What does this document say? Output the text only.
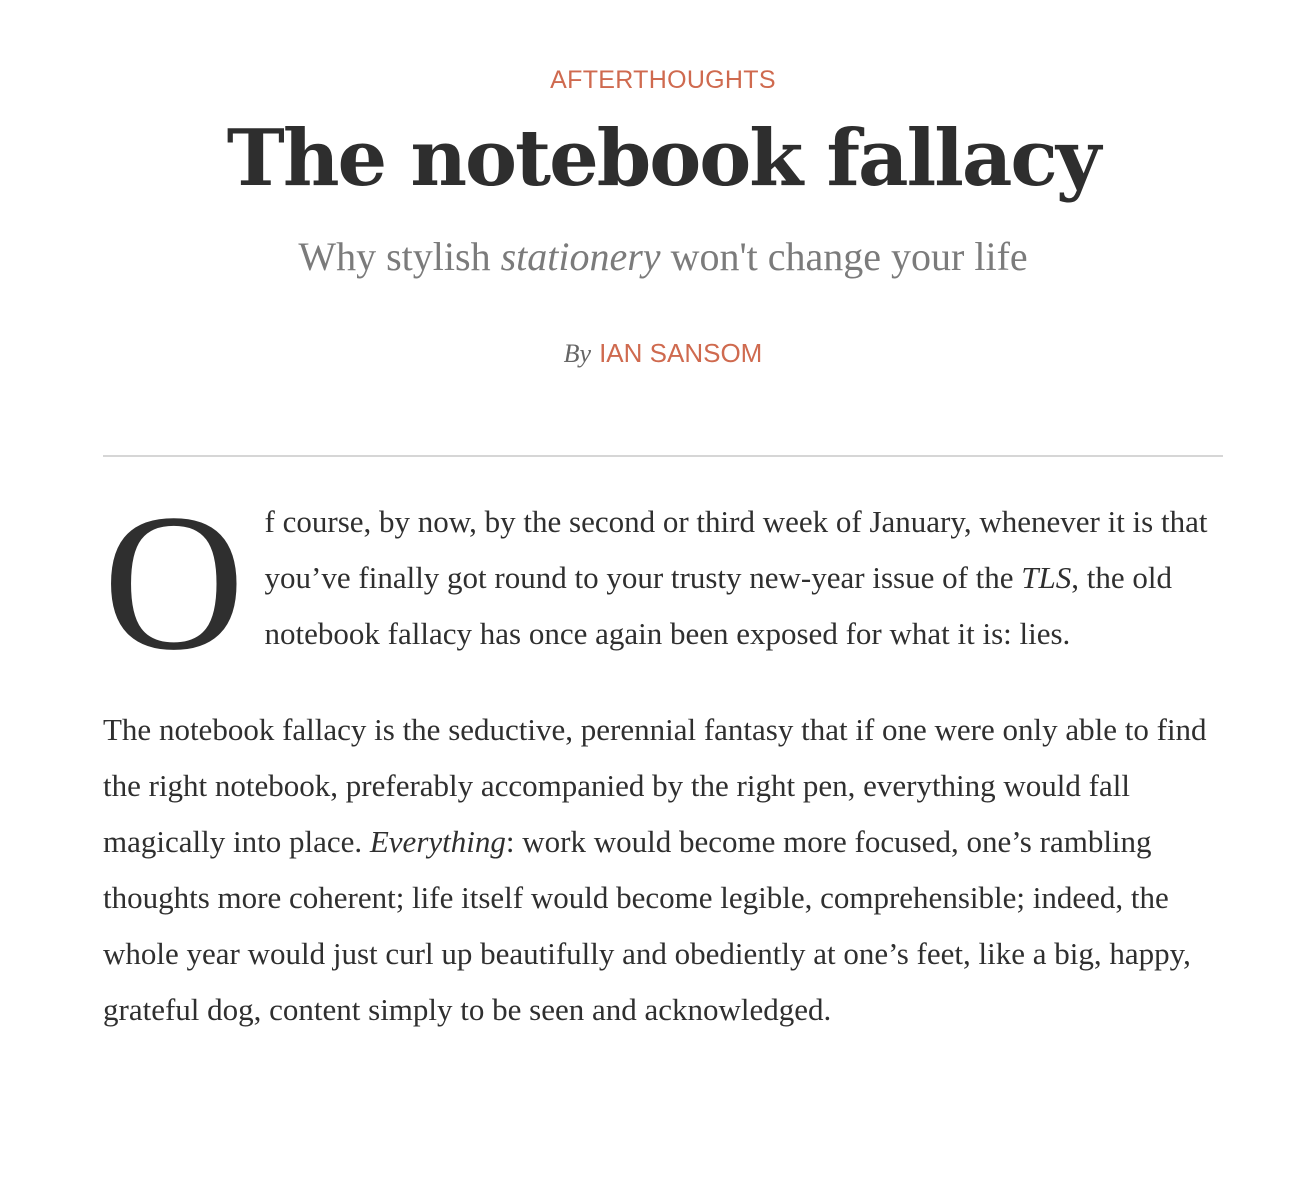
AFTERTHOUGHTS
The notebook fallacy
Why stylish stationery won't change your life
By IAN SANSOM

Of course, by now, by the second or third week of January, whenever it is that you’ve finally got round to your trusty new-year issue of the TLS, the old notebook fallacy has once again been exposed for what it is: lies.

The notebook fallacy is the seductive, perennial fantasy that if one were only able to find the right notebook, preferably accompanied by the right pen, everything would fall magically into place. Everything: work would become more focused, one’s rambling thoughts more coherent; life itself would become legible, comprehensible; indeed, the whole year would just curl up beautifully and obediently at one’s feet, like a big, happy, grateful dog, content simply to be seen and acknowledged.
